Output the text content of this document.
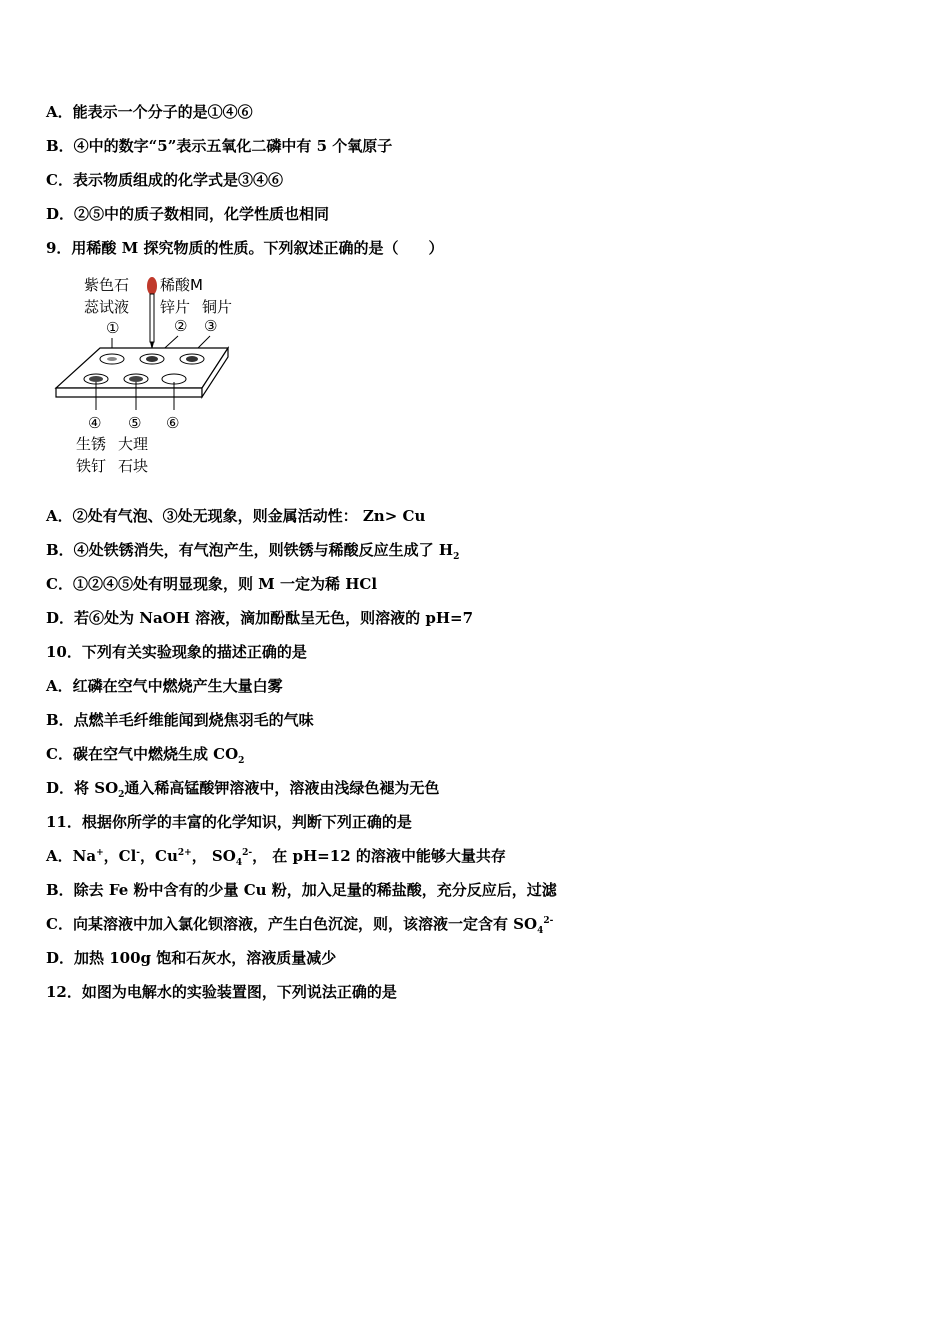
A．能表示一个分子的是①④⑥
B．④中的数字“5”表示五氧化二磷中有 5 个氧原子
C．表示物质组成的化学式是③④⑥
D．②⑤中的质子数相同，化学性质也相同
9．用稀酸 M 探究物质的性质。下列叙述正确的是（　　）
紫色石
蕊试液
稀酸M
锌片 铜片
①	② ③
④ ⑤ ⑥
生锈
铁钉
大理
石块
A．②处有气泡、③处无现象，则金属活动性： Zn> Cu
B．④处铁锈消失，有气泡产生，则铁锈与稀酸反应生成了 $H_2$
C．①②④⑤处有明显现象，则 M 一定为稀 HCl
D．若⑥处为 NaOH 溶液，滴加酚酞呈无色，则溶液的 pH=7
10．下列有关实验现象的描述正确的是
A．红磷在空气中燃烧产生大量白雾
B．点燃羊毛纤维能闻到烧焦羽毛的气味
C．碳在空气中燃烧生成 $CO_2$
D．将 $SO_2$通入稀高锰酸钾溶液中，溶液由浅绿色褪为无色
11．根据你所学的丰富的化学知识，判断下列正确的是
A．Na+，Cl-，$Cu^{2+}$， $SO_4^{2-}$， 在 pH=12 的溶液中能够大量共存
B．除去 Fe 粉中含有的少量 Cu 粉，加入足量的稀盐酸，充分反应后，过滤
C．向某溶液中加入氯化钡溶液，产生白色沉淀，则，该溶液一定含有 $SO_4^{2-}$
D．加热 100g 饱和石灰水，溶液质量减少
12．如图为电解水的实验装置图，下列说法正确的是
